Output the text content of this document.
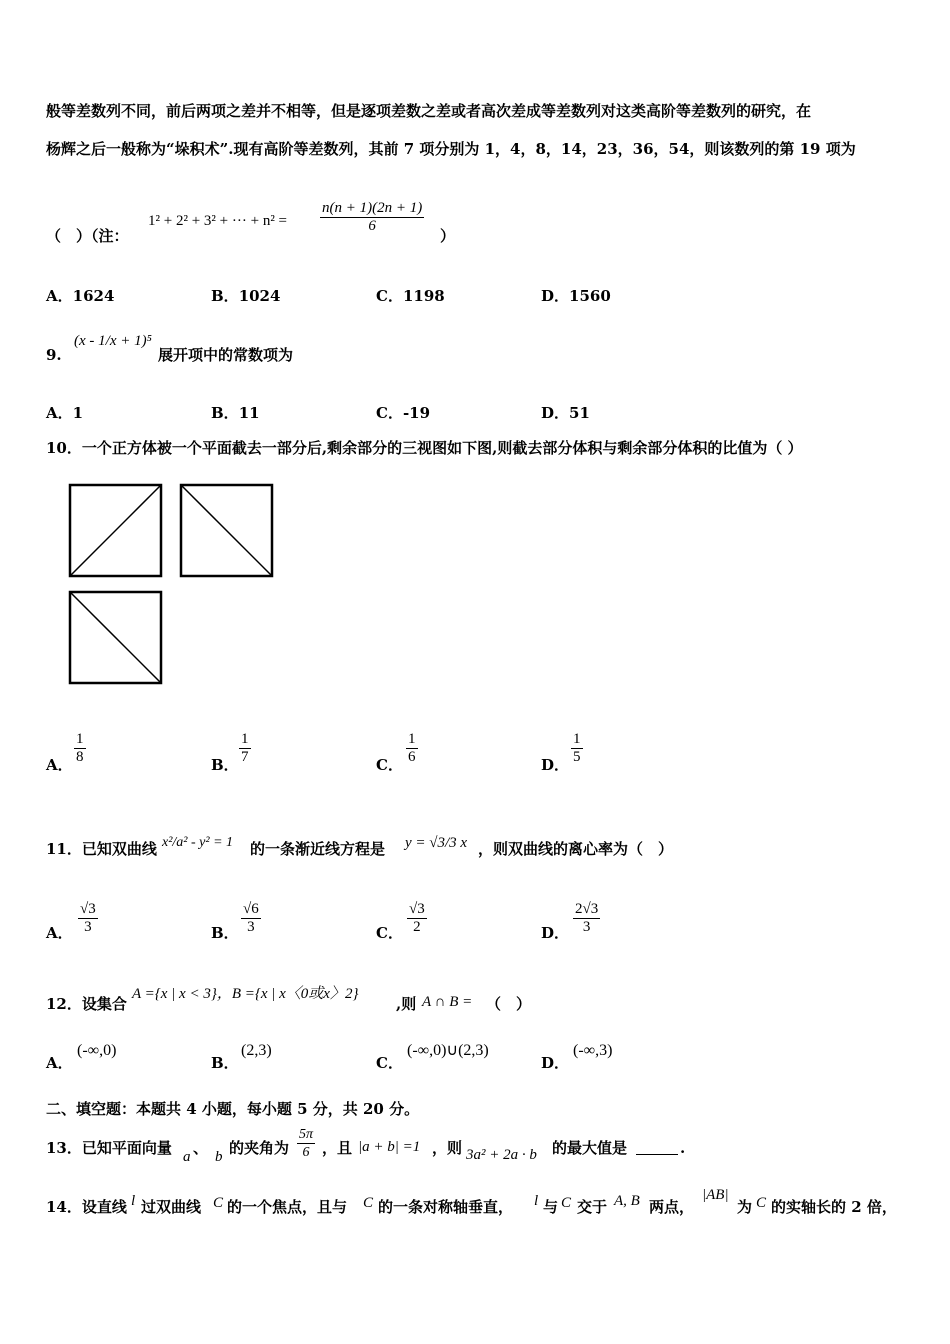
般等差数列不同，前后两项之差并不相等，但是逐项差数之差或者高次差成等差数列对这类高阶等差数列的研究，在
杨辉之后一般称为“垛积术”.现有高阶等差数列，其前 7 项分别为 1，4，8，14，23，36，54，则该数列的第 19 项为
（　）（注：
1² + 2² + 3² + ··· + $n^2 = \frac{n(n + 1)(2n + 1)}{6}$
）
A．1624	B．1024	C．1198	D．1560
9.
(x - 1/x + 1)⁵
展开项中的常数项为
A．1	B．11	C．-19	D．51
10．一个正方体被一个平面截去一部分后,剩余部分的三视图如下图,则截去部分体积与剩余部分体积的比值为（ ）
A． $\frac{1}{8}$	B． $\frac{1}{7}$	C． $\frac{1}{6}$	D． $\frac{1}{5}$
11．已知双曲线 x²/a² - y² = 1 的一条渐近线方程是 y = √3/3 x ，则双曲线的离心率为（　）
A． $\frac{√3}{3}$	B． $\frac{√6}{3}$	C． $\frac{√3}{2}$	D． $\frac{2√3}{3}$
12．设集合
A ={x | x < 3}，B ={x | x〈0或x〉2}
,则 A ∩ B = （　）
A．
(-∞,0)
B．
(2,3)
C．
(-∞,0)∪(2,3)
D．
(-∞,3)
二、填空题：本题共 4 小题，每小题 5 分，共 20 分。
13．已知平面向量 a 、 b 的夹角为 $\frac{5\pi}{6}$ ，且 |a + b| =1 ，则 3a² + 2a · b 的最大值是	.
14．设直线 l 过双曲线 C 的一个焦点，且与 C 的一条对称轴垂直， l 与 C 交于 A, B 两点，
|AB|
为 C 的实轴长的 2 倍，
